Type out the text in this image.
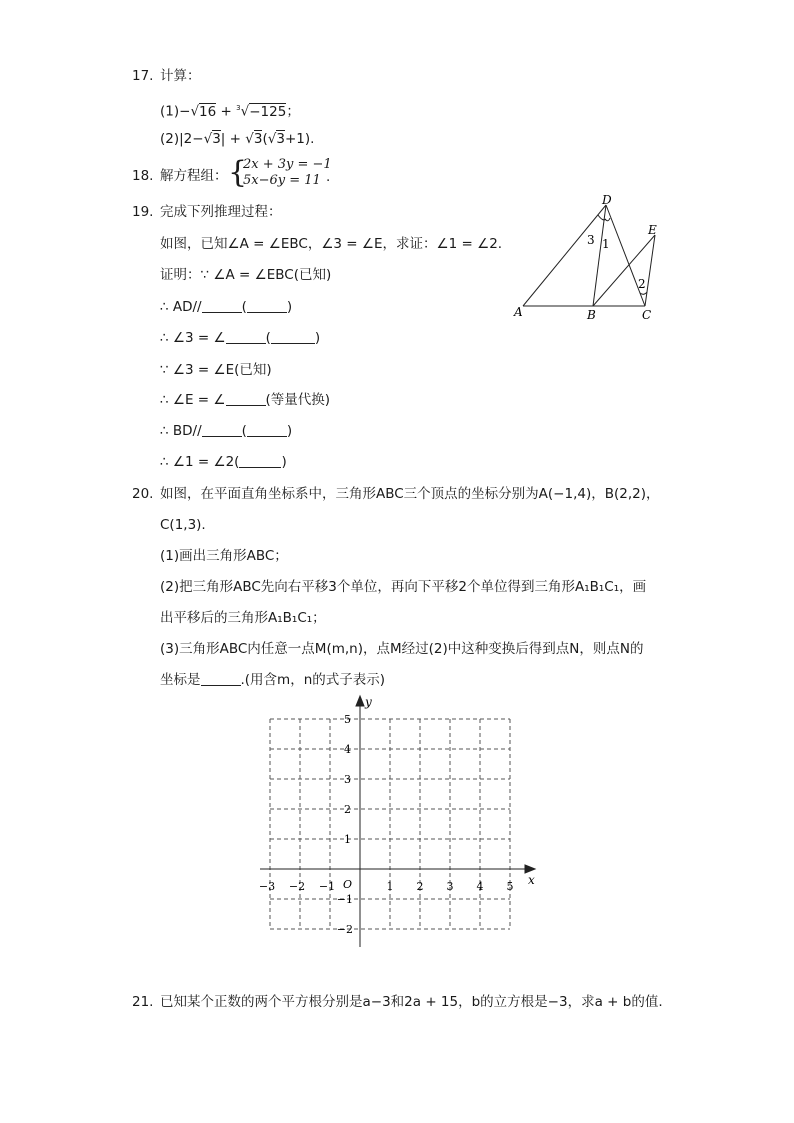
17. 计算：
(1)−√16 + $^3$√−125；
(2)|2−√3| + √3(√3+1).
18. 解方程组： {
2x + 3y = −1
5x−6y = 11 .
19. 完成下列推理过程：
如图，已知∠A = ∠EBC，∠3 = ∠E，求证：∠1 = ∠2.
证明：∵ ∠A = ∠EBC(已知)
∴ AD//	(	)
∴ ∠3 = ∠	(	)
∵ ∠3 = ∠E(已知)
∴ ∠E = ∠	(等量代换)
∴ BD//	(	)
∴ ∠1 = ∠2(	)
D
E
A	B	C
3 1
2
20. 如图，在平面直角坐标系中，三角形ABC三个顶点的坐标分别为A(−1,4)，B(2,2)，
C(1,3).
(1)画出三角形ABC；
(2)把三角形ABC先向右平移3个单位，再向下平移2个单位得到三角形A₁B₁C₁，画
出平移后的三角形A₁B₁C₁；
(3)三角形ABC内任意一点M(m,n)，点M经过(2)中这种变换后得到点N，则点N的
坐标是	.(用含m，n的式子表示)
y
x
O
−3 −2 −1	1 2 3 4 5
5
4
3
2
1
−1
−2
21. 已知某个正数的两个平方根分别是a−3和2a + 15，b的立方根是−3，求a + b的值.
